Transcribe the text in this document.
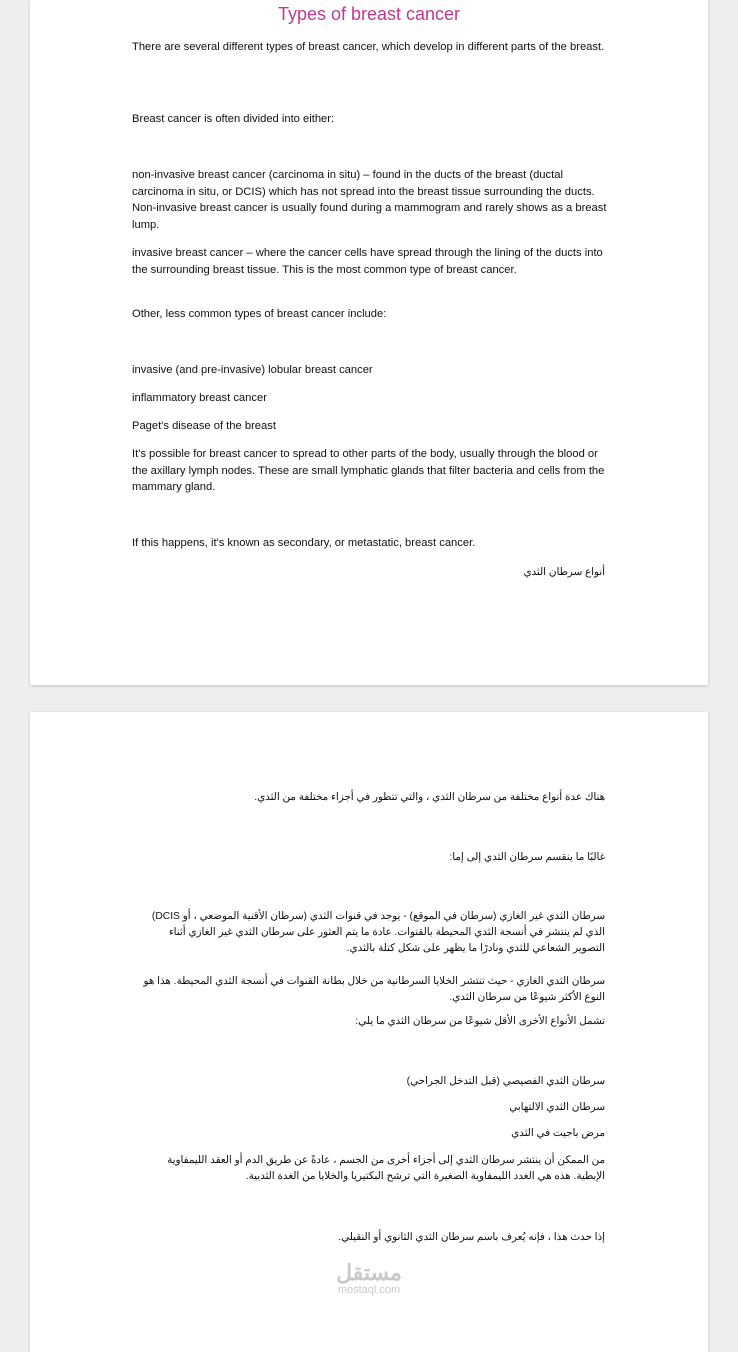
Types of breast cancer

There are several different types of breast cancer, which develop in different parts of the breast.

Breast cancer is often divided into either:

non-invasive breast cancer (carcinoma in situ) – found in the ducts of the breast (ductal carcinoma in situ, or DCIS) which has not spread into the breast tissue surrounding the ducts. Non-invasive breast cancer is usually found during a mammogram and rarely shows as a breast lump.

invasive breast cancer – where the cancer cells have spread through the lining of the ducts into the surrounding breast tissue. This is the most common type of breast cancer.

Other, less common types of breast cancer include:

invasive (and pre-invasive) lobular breast cancer

inflammatory breast cancer

Paget's disease of the breast

It's possible for breast cancer to spread to other parts of the body, usually through the blood or the axillary lymph nodes. These are small lymphatic glands that filter bacteria and cells from the mammary gland.

If this happens, it's known as secondary, or metastatic, breast cancer.

أنواع سرطان الثدي

هناك عدة أنواع مختلفة من سرطان الثدي ، والتي تتطور في أجزاء مختلفة من الثدي.

غالبًا ما ينقسم سرطان الثدي إلى إما:

سرطان الثدي غير الغازي (سرطان في الموقع) - يوجد في قنوات الثدي (سرطان الأقنية الموضعي ، أو DCIS) الذي لم ينتشر في أنسجة الثدي المحيطة بالقنوات. عادة ما يتم العثور على سرطان الثدي غير الغازي أثناء التصوير الشعاعي للثدي ونادرًا ما يظهر على شكل كتلة بالثدي.

سرطان الثدي الغازي - حيث تنتشر الخلايا السرطانية من خلال بطانة القنوات في أنسجة الثدي المحيطة. هذا هو النوع الأكثر شيوعًا من سرطان الثدي.

تشمل الأنواع الأخرى الأقل شيوعًا من سرطان الثدي ما يلي:

سرطان الثدي الفصيصي (قبل التدخل الجراحي)

سرطان الثدي الالتهابي

مرض باجيت في الثدي

من الممكن أن ينتشر سرطان الثدي إلى أجزاء أخرى من الجسم ، عادةً عن طريق الدم أو العقد الليمفاوية الإبطية. هذه هي الغدد الليمفاوية الصغيرة التي ترشح البكتيريا والخلايا من الغدة الثديية.

إذا حدث هذا ، فإنه يُعرف باسم سرطان الثدي الثانوي أو النقيلي.

مستقل
mostaql.com
